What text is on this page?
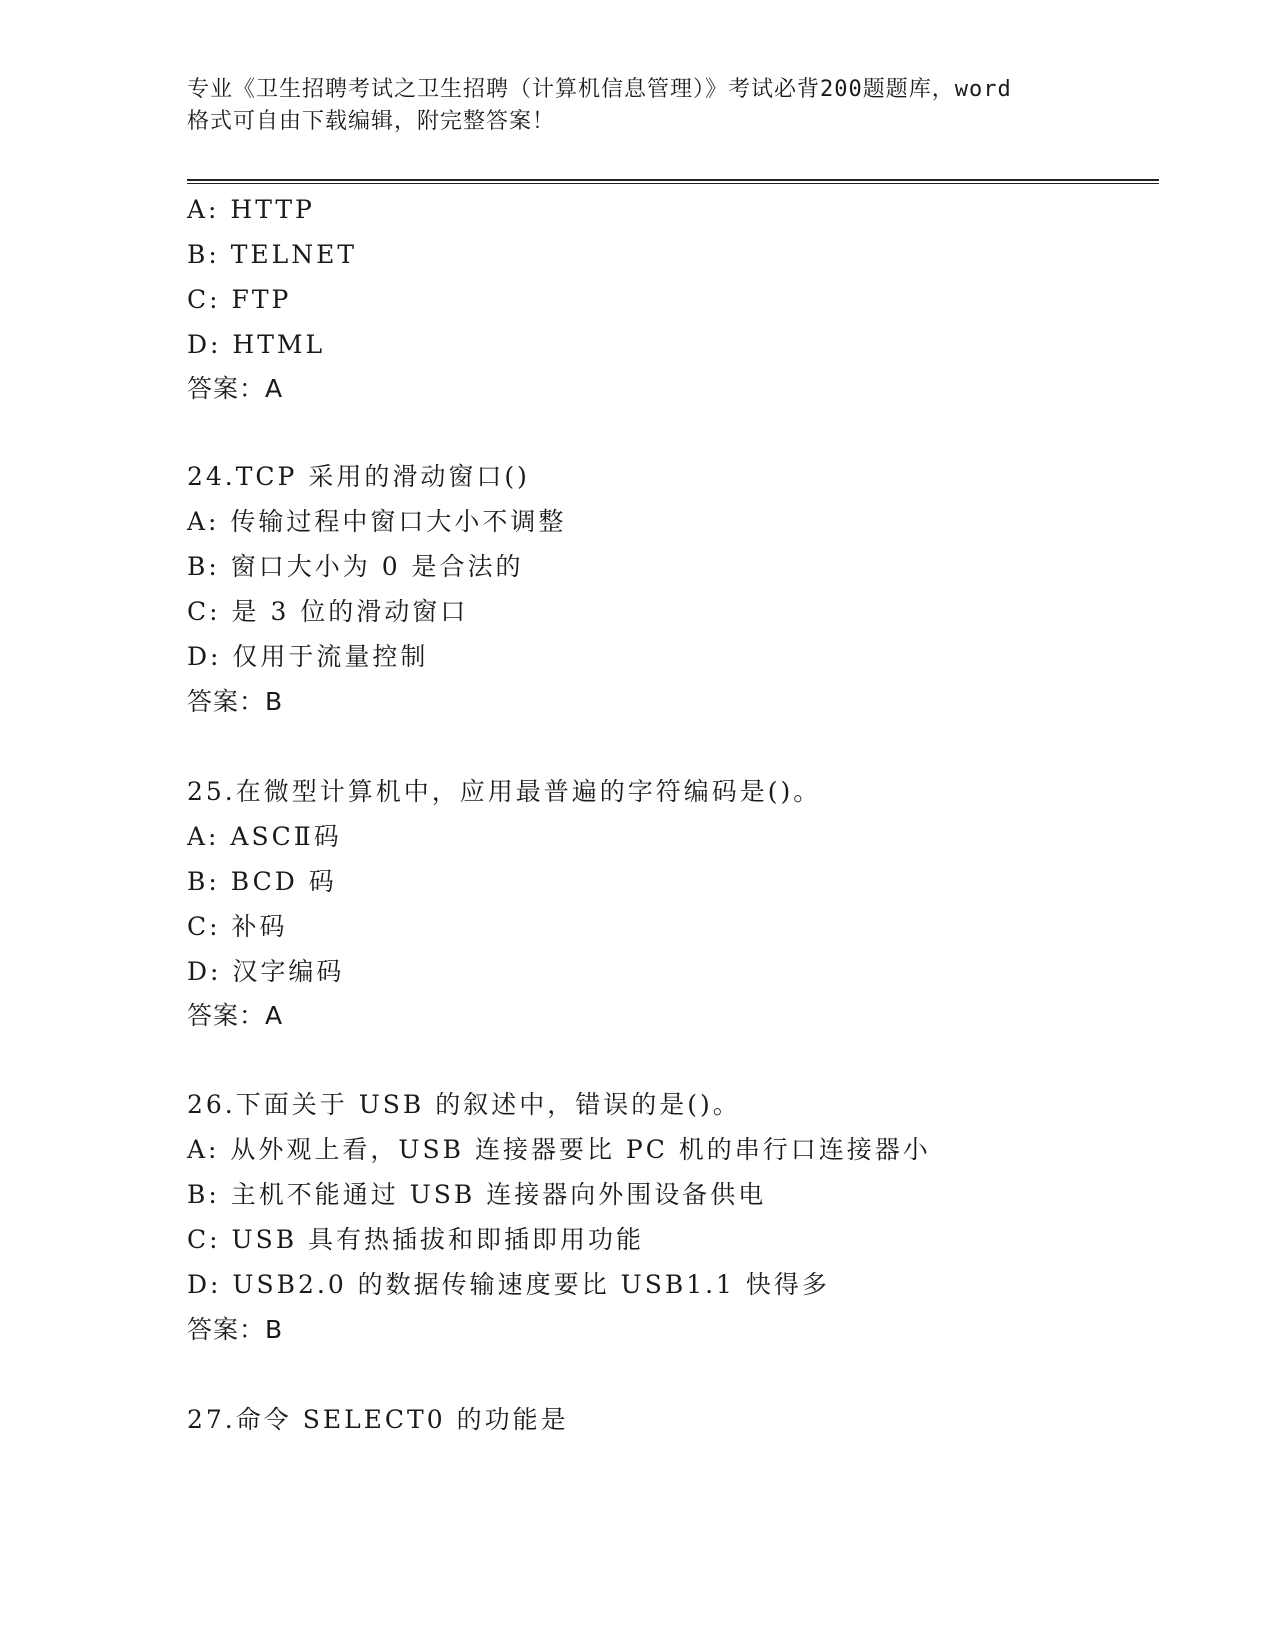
专业《卫生招聘考试之卫生招聘（计算机信息管理）》考试必背200题题库，word
格式可自由下载编辑，附完整答案！
A: HTTP
B: TELNET
C: FTP
D: HTML
答案：A
24.TCP 采用的滑动窗口()
A: 传输过程中窗口大小不调整
B: 窗口大小为 0 是合法的
C: 是 3 位的滑动窗口
D: 仅用于流量控制
答案：B
25.在微型计算机中，应用最普遍的字符编码是()。
A: ASCⅡ码
B: BCD 码
C: 补码
D: 汉字编码
答案：A
26.下面关于 USB 的叙述中，错误的是()。
A: 从外观上看，USB 连接器要比 PC 机的串行口连接器小
B: 主机不能通过 USB 连接器向外围设备供电
C: USB 具有热插拔和即插即用功能
D: USB2.0 的数据传输速度要比 USB1.1 快得多
答案：B
27.命令 SELECT0 的功能是
